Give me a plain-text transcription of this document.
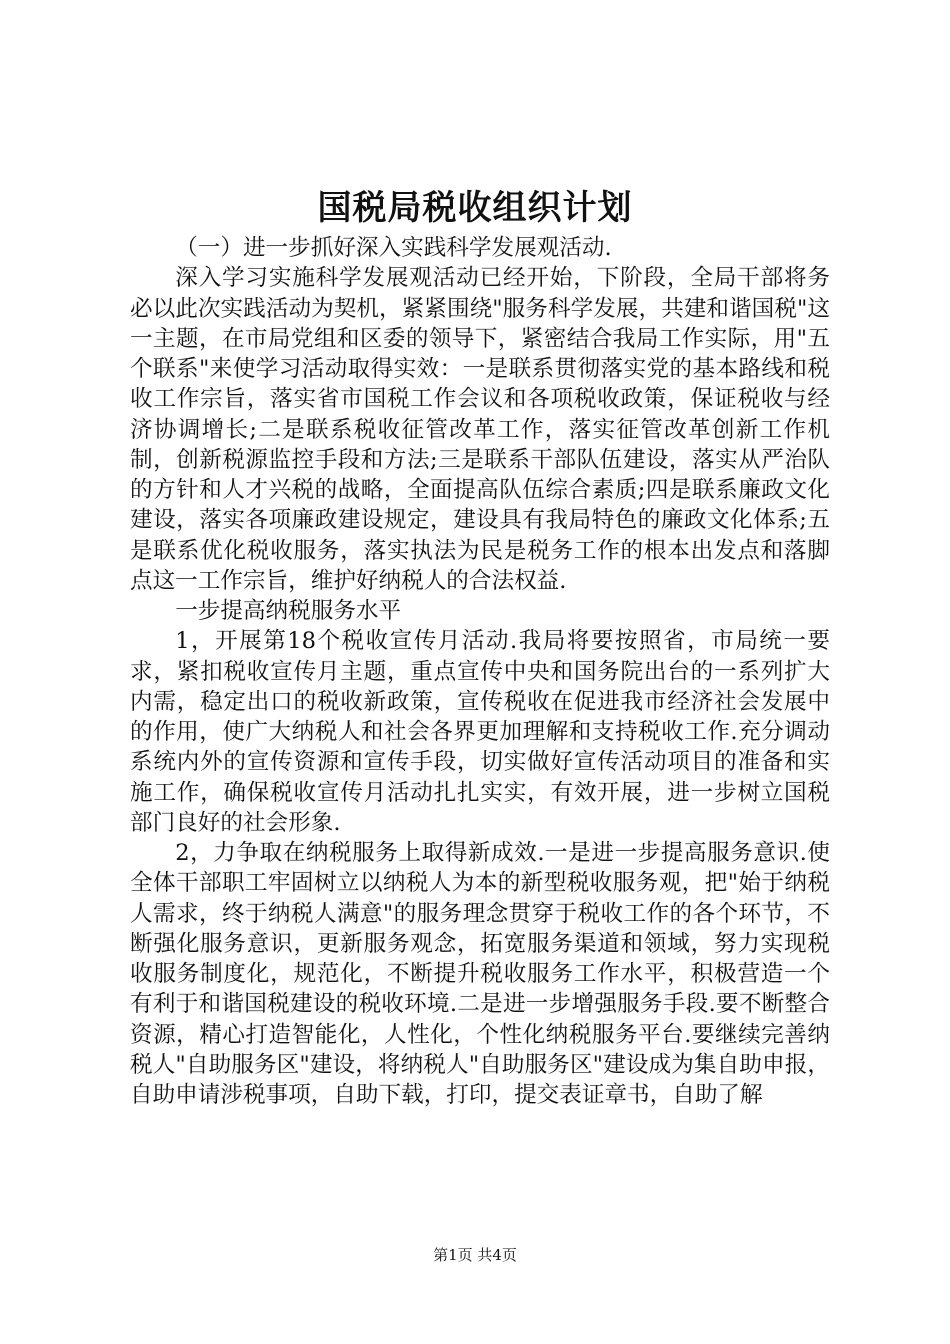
国税局税收组织计划

（一）进一步抓好深入实践科学发展观活动.

深入学习实施科学发展观活动已经开始，下阶段，全局干部将务必以此次实践活动为契机，紧紧围绕"服务科学发展，共建和谐国税"这一主题，在市局党组和区委的领导下，紧密结合我局工作实际，用"五个联系"来使学习活动取得实效：一是联系贯彻落实党的基本路线和税收工作宗旨，落实省市国税工作会议和各项税收政策，保证税收与经济协调增长;二是联系税收征管改革工作，落实征管改革创新工作机制，创新税源监控手段和方法;三是联系干部队伍建设，落实从严治队的方针和人才兴税的战略，全面提高队伍综合素质;四是联系廉政文化建设，落实各项廉政建设规定，建设具有我局特色的廉政文化体系;五是联系优化税收服务，落实执法为民是税务工作的根本出发点和落脚点这一工作宗旨，维护好纳税人的合法权益.

一步提高纳税服务水平

1，开展第18个税收宣传月活动.我局将要按照省，市局统一要求，紧扣税收宣传月主题，重点宣传中央和国务院出台的一系列扩大内需，稳定出口的税收新政策，宣传税收在促进我市经济社会发展中的作用，使广大纳税人和社会各界更加理解和支持税收工作.充分调动系统内外的宣传资源和宣传手段，切实做好宣传活动项目的准备和实施工作，确保税收宣传月活动扎扎实实，有效开展，进一步树立国税部门良好的社会形象.

2，力争取在纳税服务上取得新成效.一是进一步提高服务意识.使全体干部职工牢固树立以纳税人为本的新型税收服务观，把"始于纳税人需求，终于纳税人满意"的服务理念贯穿于税收工作的各个环节，不断强化服务意识，更新服务观念，拓宽服务渠道和领域，努力实现税收服务制度化，规范化，不断提升税收服务工作水平，积极营造一个有利于和谐国税建设的税收环境.二是进一步增强服务手段.要不断整合资源，精心打造智能化，人性化，个性化纳税服务平台.要继续完善纳税人"自助服务区"建设，将纳税人"自助服务区"建设成为集自助申报，自助申请涉税事项，自助下载，打印，提交表证章书，自助了解

第1页 共4页
